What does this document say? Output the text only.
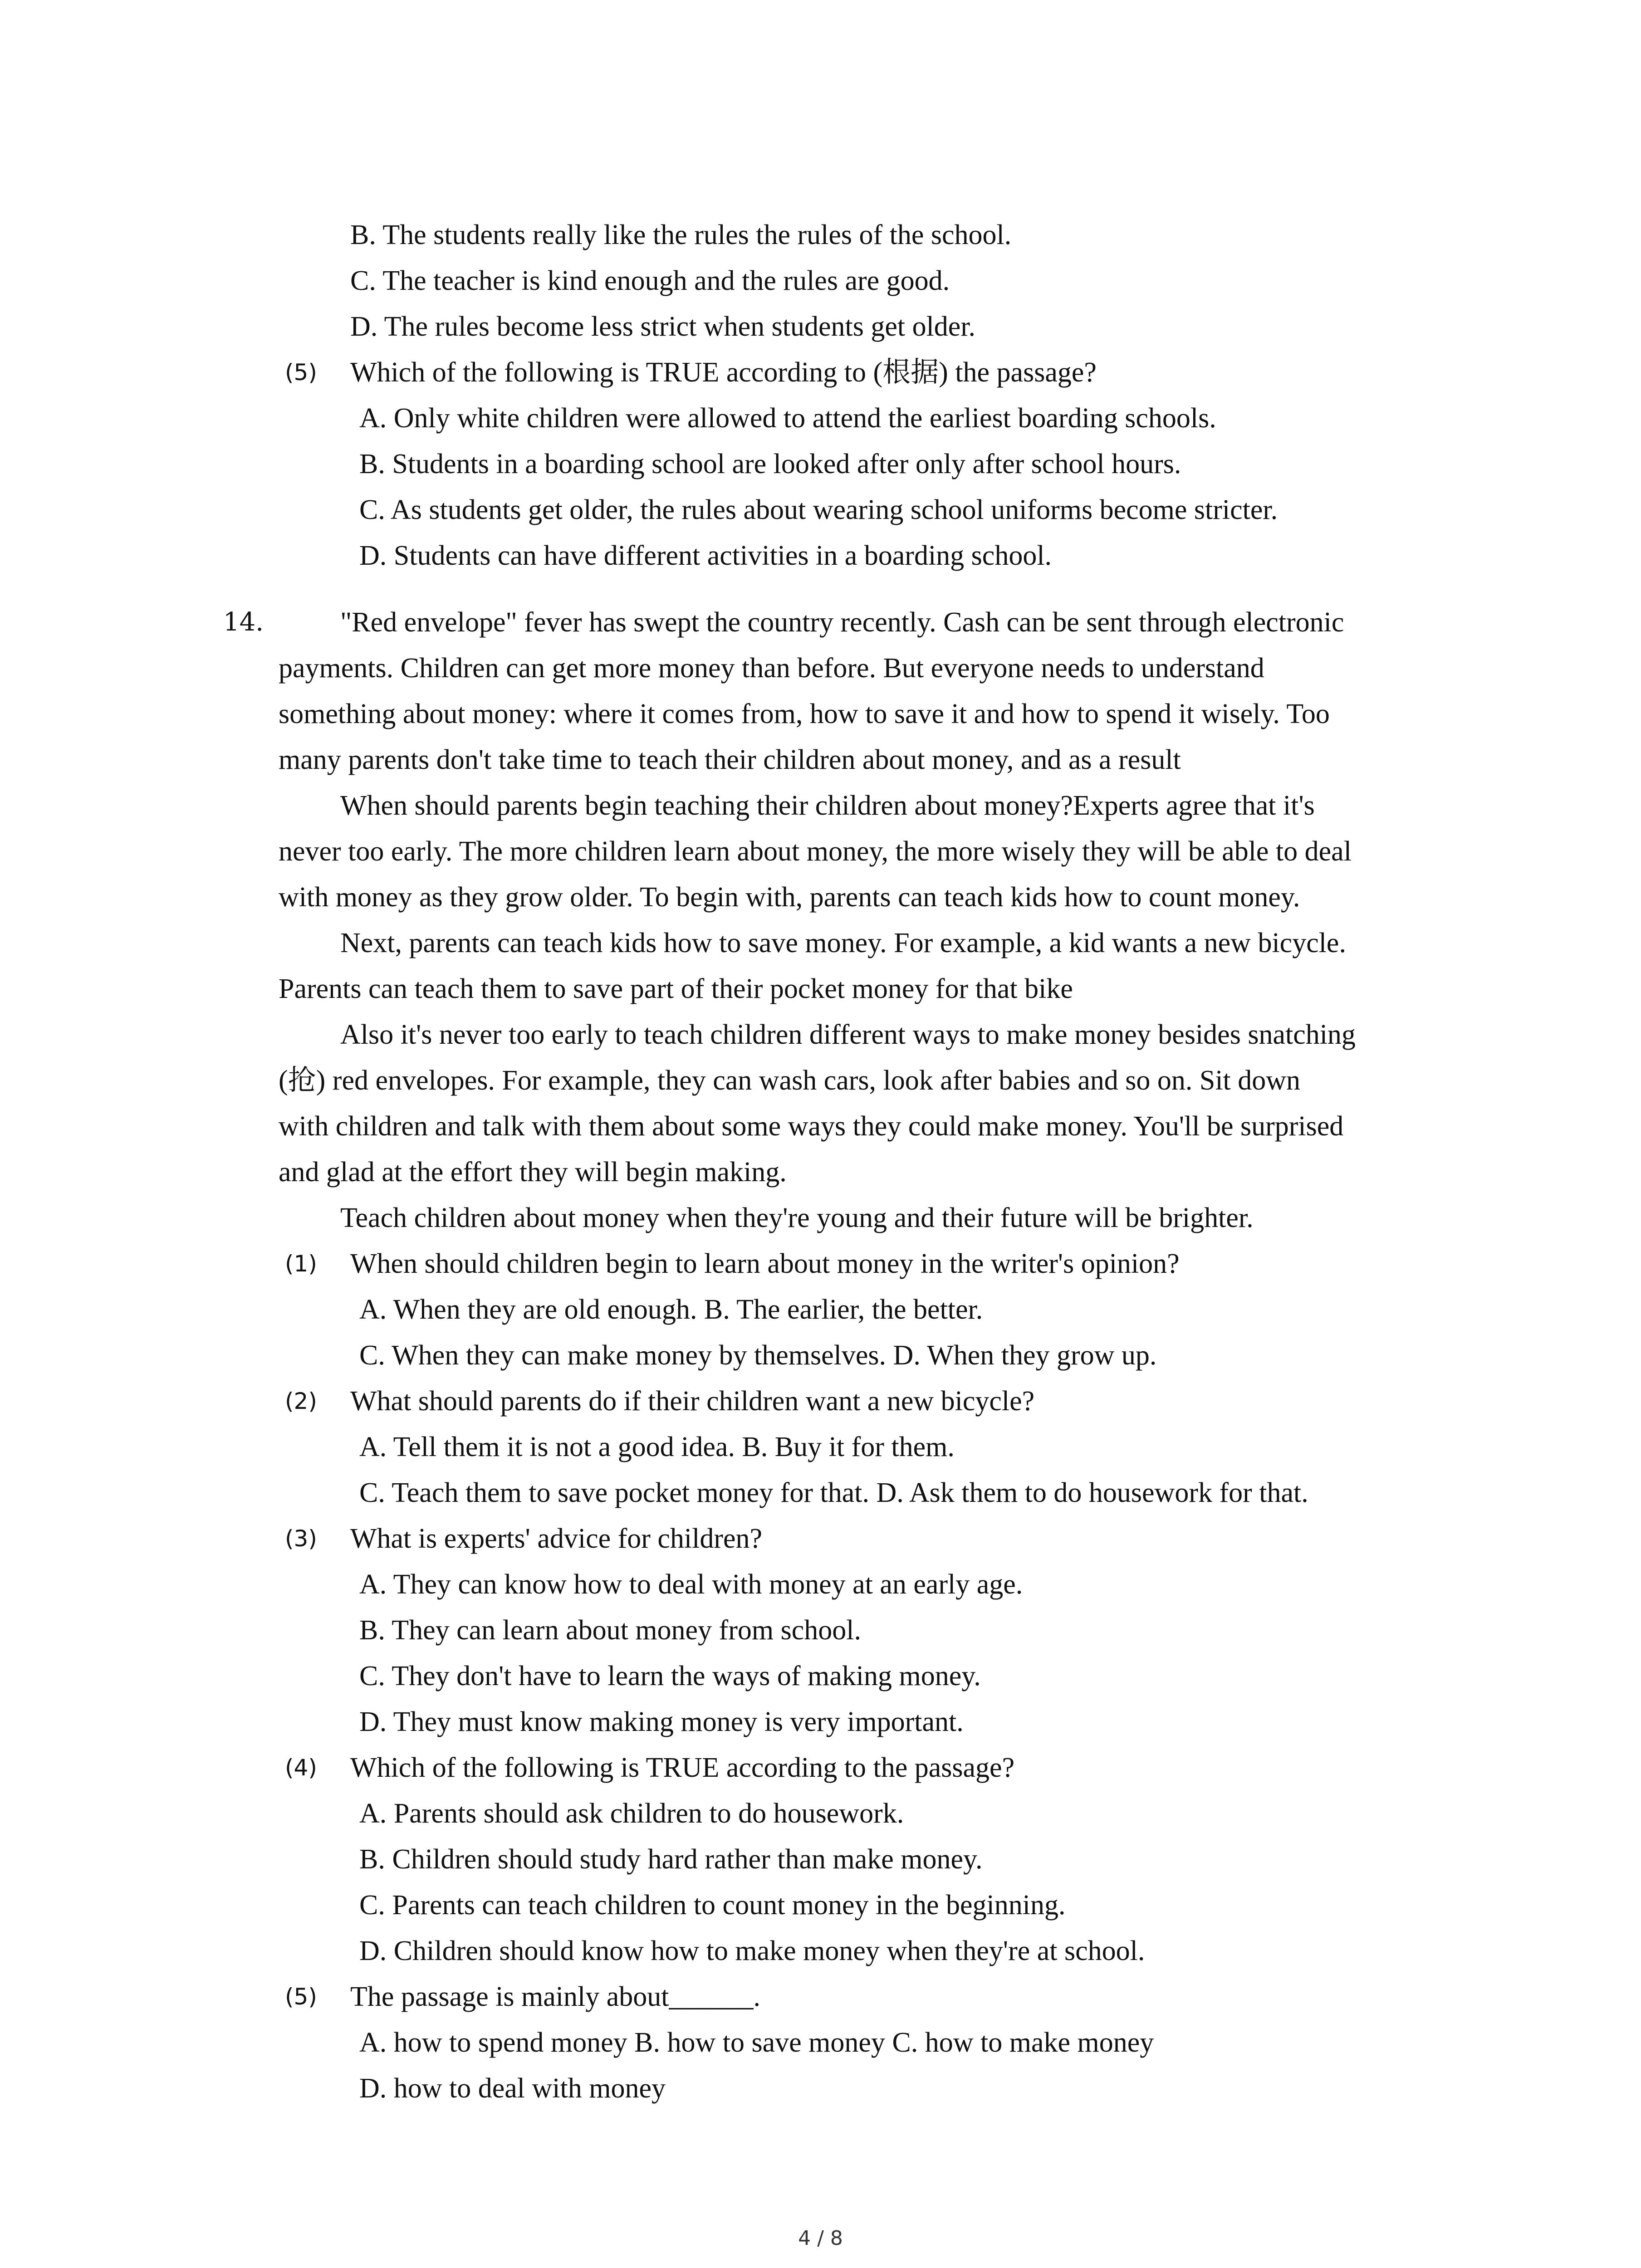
B. The students really like the rules the rules of the school.
C. The teacher is kind enough and the rules are good.
D. The rules become less strict when students get older.
(5) Which of the following is TRUE according to (根据) the passage?
A. Only white children were allowed to attend the earliest boarding schools.
B. Students in a boarding school are looked after only after school hours.
C. As students get older, the rules about wearing school uniforms become stricter.
D. Students can have different activities in a boarding school.
14.	"Red envelope" fever has swept the country recently. Cash can be sent through electronic
payments. Children can get more money than before. But everyone needs to understand
something about money: where it comes from, how to save it and how to spend it wisely. Too
many parents don't take time to teach their children about money, and as a result
When should parents begin teaching their children about money?Experts agree that it's
never too early. The more children learn about money, the more wisely they will be able to deal
with money as they grow older. To begin with, parents can teach kids how to count money.
Next, parents can teach kids how to save money. For example, a kid wants a new bicycle.
Parents can teach them to save part of their pocket money for that bike
Also it's never too early to teach children different ways to make money besides snatching
(抢) red envelopes. For example, they can wash cars, look after babies and so on. Sit down
with children and talk with them about some ways they could make money. You'll be surprised
and glad at the effort they will begin making.
Teach children about money when they're young and their future will be brighter.
(1) When should children begin to learn about money in the writer's opinion?
A. When they are old enough. B. The earlier, the better.
C. When they can make money by themselves. D. When they grow up.
(2) What should parents do if their children want a new bicycle?
A. Tell them it is not a good idea. B. Buy it for them.
C. Teach them to save pocket money for that. D. Ask them to do housework for that.
(3) What is experts' advice for children?
A. They can know how to deal with money at an early age.
B. They can learn about money from school.
C. They don't have to learn the ways of making money.
D. They must know making money is very important.
(4) Which of the following is TRUE according to the passage?
A. Parents should ask children to do housework.
B. Children should study hard rather than make money.
C. Parents can teach children to count money in the beginning.
D. Children should know how to make money when they're at school.
(5) The passage is mainly about______.
A. how to spend money B. how to save money C. how to make money
D. how to deal with money
4 / 8
